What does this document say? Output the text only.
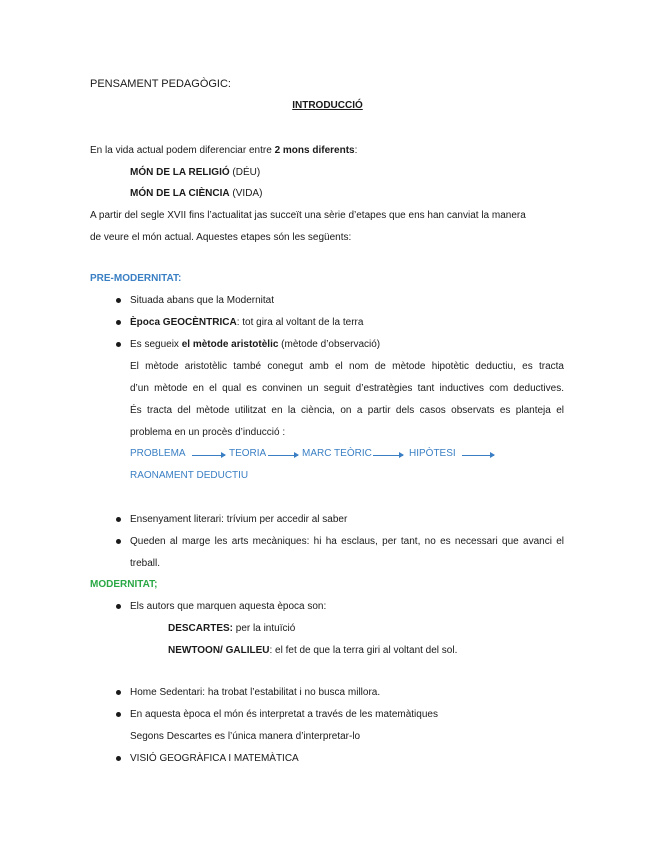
PENSAMENT PEDAGÒGIC:
INTRODUCCIÓ
En la vida actual podem diferenciar entre 2 mons diferents:
MÓN DE LA RELIGIÓ (DÉU)
MÓN DE LA CIÈNCIA (VIDA)
A partir del segle XVII fins l’actualitat jas succeït una sèrie d’etapes que ens han canviat la manera
de veure el món actual. Aquestes etapes són les següents:
PRE-MODERNITAT:
Situada abans que la Modernitat
Època GEOCÈNTRICA: tot gira al voltant de la terra
Es segueix el mètode aristotèlic (mètode d’observació)
El mètode aristotèlic també conegut amb el nom de mètode hipotètic deductiu, es tracta
d’un mètode en el qual es convinen un seguit d’estratègies tant inductives com deductives.
És tracta del mètode utilitzat en la ciència, on a partir dels casos observats es planteja el
problema en un procès d’inducció :
PROBLEMA	TEORIA	MARC TEÒRIC	HIPÒTESI
RAONAMENT DEDUCTIU
Ensenyament literari: trívium per accedir al saber
Queden al marge les arts mecàniques: hi ha esclaus, per tant, no es necessari que avanci el
treball.
MODERNITAT;
Els autors que marquen aquesta època son:
DESCARTES: per la intuïció
NEWTOON/ GALILEU: el fet de que la terra giri al voltant del sol.
Home Sedentari: ha trobat l’estabilitat i no busca millora.
En aquesta època el món és interpretat a través de les matemàtiques
Segons Descartes es l’única manera d’interpretar-lo
VISIÓ GEOGRÀFICA I MATEMÀTICA
